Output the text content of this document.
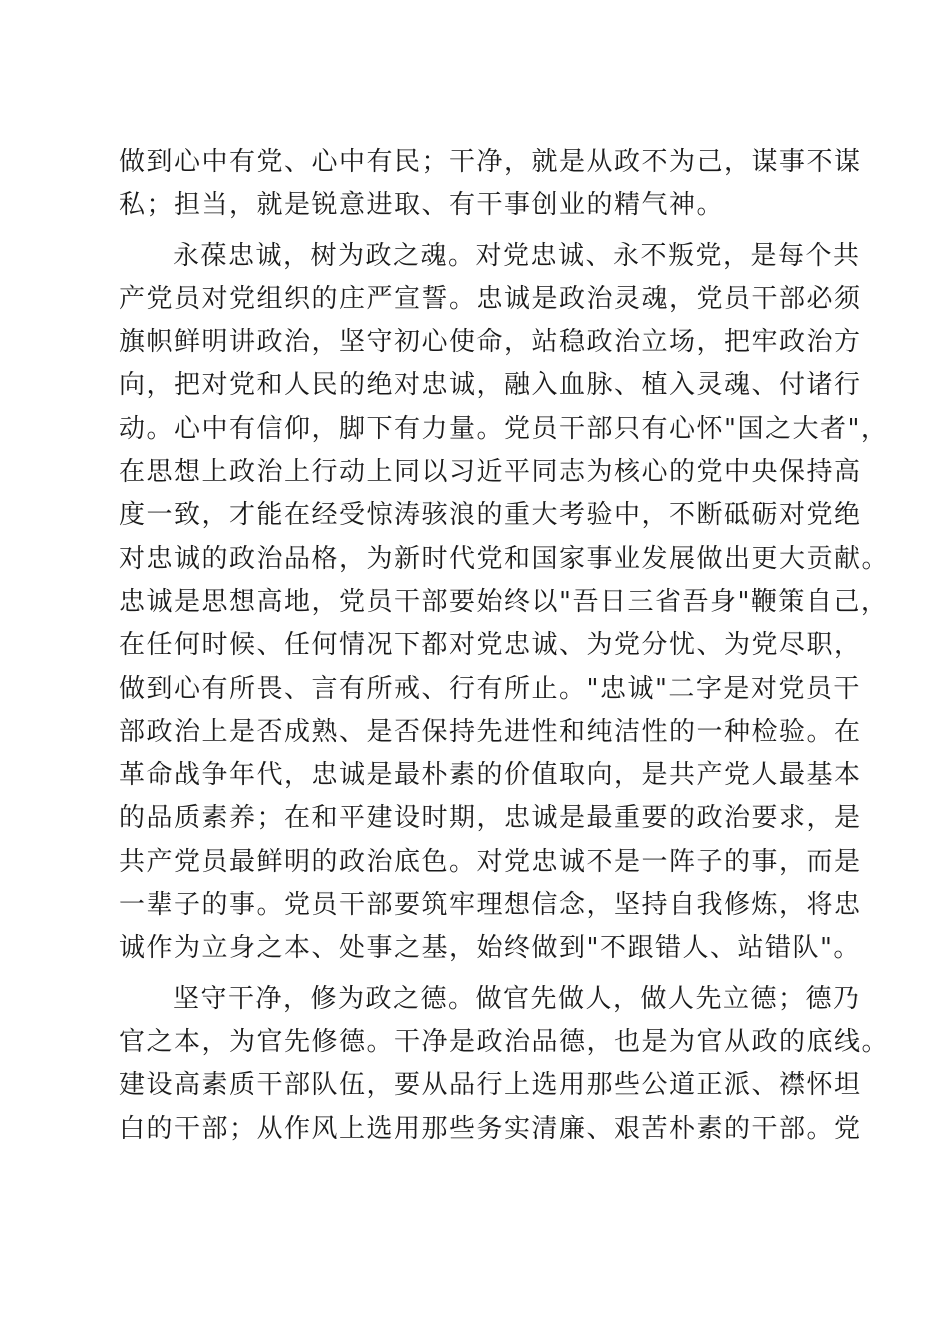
做到心中有党、心中有民；干净，就是从政不为己，谋事不谋
私；担当，就是锐意进取、有干事创业的精气神。
永葆忠诚，树为政之魂。对党忠诚、永不叛党，是每个共
产党员对党组织的庄严宣誓。忠诚是政治灵魂，党员干部必须
旗帜鲜明讲政治，坚守初心使命，站稳政治立场，把牢政治方
向，把对党和人民的绝对忠诚，融入血脉、植入灵魂、付诸行
动。心中有信仰，脚下有力量。党员干部只有心怀"国之大者"，
在思想上政治上行动上同以习近平同志为核心的党中央保持高
度一致，才能在经受惊涛骇浪的重大考验中，不断砥砺对党绝
对忠诚的政治品格，为新时代党和国家事业发展做出更大贡献。
忠诚是思想高地，党员干部要始终以"吾日三省吾身"鞭策自己，
在任何时候、任何情况下都对党忠诚、为党分忧、为党尽职，
做到心有所畏、言有所戒、行有所止。"忠诚"二字是对党员干
部政治上是否成熟、是否保持先进性和纯洁性的一种检验。在
革命战争年代，忠诚是最朴素的价值取向，是共产党人最基本
的品质素养；在和平建设时期，忠诚是最重要的政治要求，是
共产党员最鲜明的政治底色。对党忠诚不是一阵子的事，而是
一辈子的事。党员干部要筑牢理想信念，坚持自我修炼，将忠
诚作为立身之本、处事之基，始终做到"不跟错人、站错队"。
坚守干净，修为政之德。做官先做人，做人先立德；德乃
官之本，为官先修德。干净是政治品德，也是为官从政的底线。
建设高素质干部队伍，要从品行上选用那些公道正派、襟怀坦
白的干部；从作风上选用那些务实清廉、艰苦朴素的干部。党
